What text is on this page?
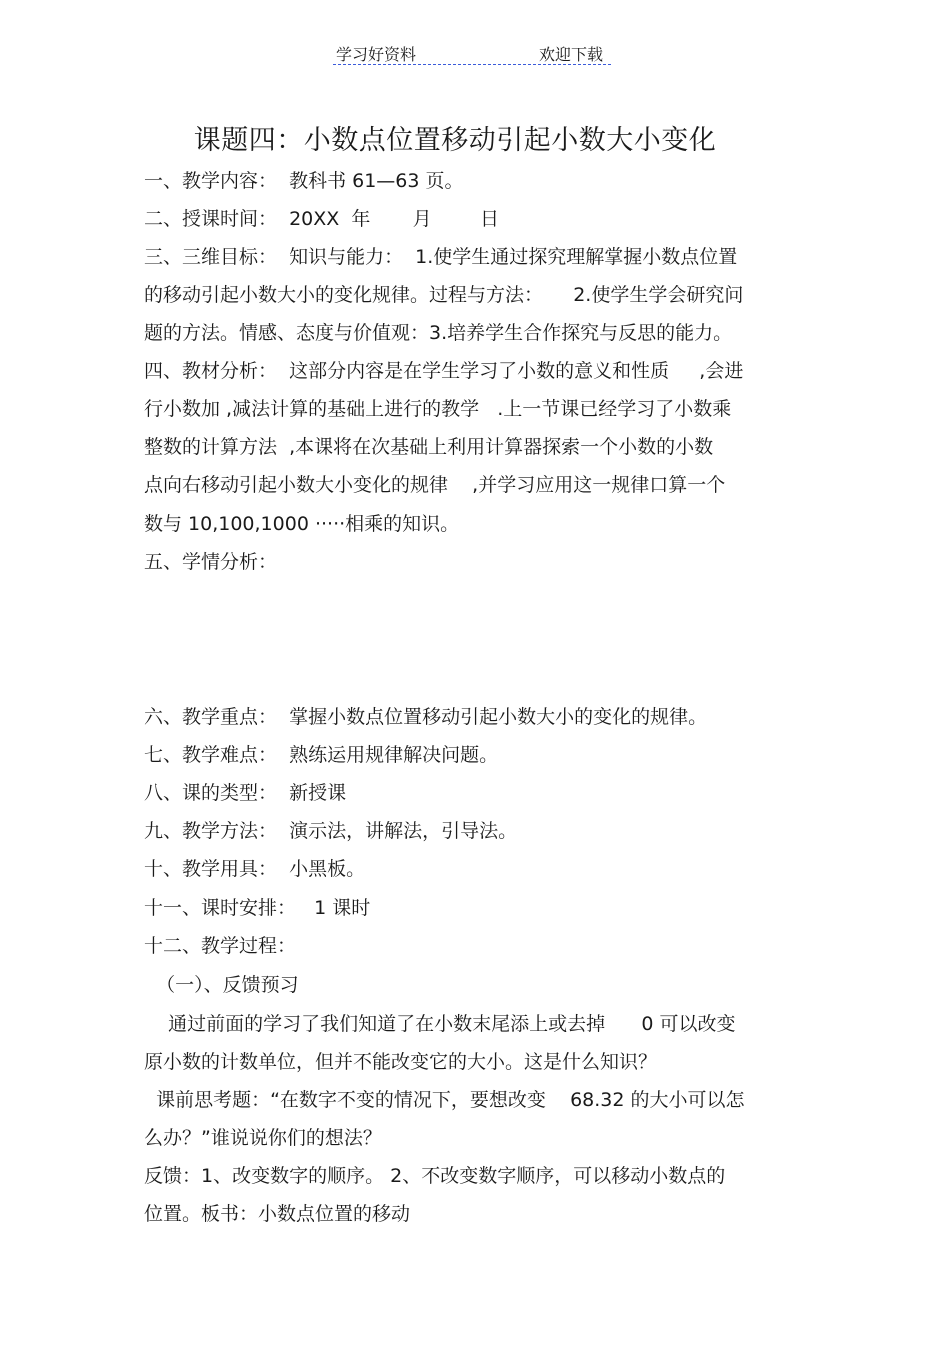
学习好资料	欢迎下载
课题四：小数点位置移动引起小数大小变化
一、教学内容：  教科书 61—63 页。
二、授课时间：  20XX  年       月        日
三、三维目标：  知识与能力：  1.使学生通过探究理解掌握小数点位置
的移动引起小数大小的变化规律。过程与方法：     2.使学生学会研究问
题的方法。情感、态度与价值观：3.培养学生合作探究与反思的能力。
四、教材分析：  这部分内容是在学生学习了小数的意义和性质     ,会进
行小数加 ,减法计算的基础上进行的教学   .上一节课已经学习了小数乘
整数的计算方法  ,本课将在次基础上利用计算器探索一个小数的小数
点向右移动引起小数大小变化的规律    ,并学习应用这一规律口算一个
数与 10,100,1000 ·····相乘的知识。
五、学情分析：
六、教学重点：  掌握小数点位置移动引起小数大小的变化的规律。
七、教学难点：  熟练运用规律解决问题。
八、课的类型：  新授课
九、教学方法：  演示法，讲解法，引导法。
十、教学用具：  小黑板。
十一、课时安排：   1 课时
十二、教学过程：
（一）、反馈预习
通过前面的学习了我们知道了在小数末尾添上或去掉      0 可以改变
原小数的计数单位，但并不能改变它的大小。这是什么知识？
课前思考题：“在数字不变的情况下，要想改变    68.32 的大小可以怎
么办？”谁说说你们的想法？
反馈：1、改变数字的顺序。 2、不改变数字顺序，可以移动小数点的
位置。板书：小数点位置的移动
